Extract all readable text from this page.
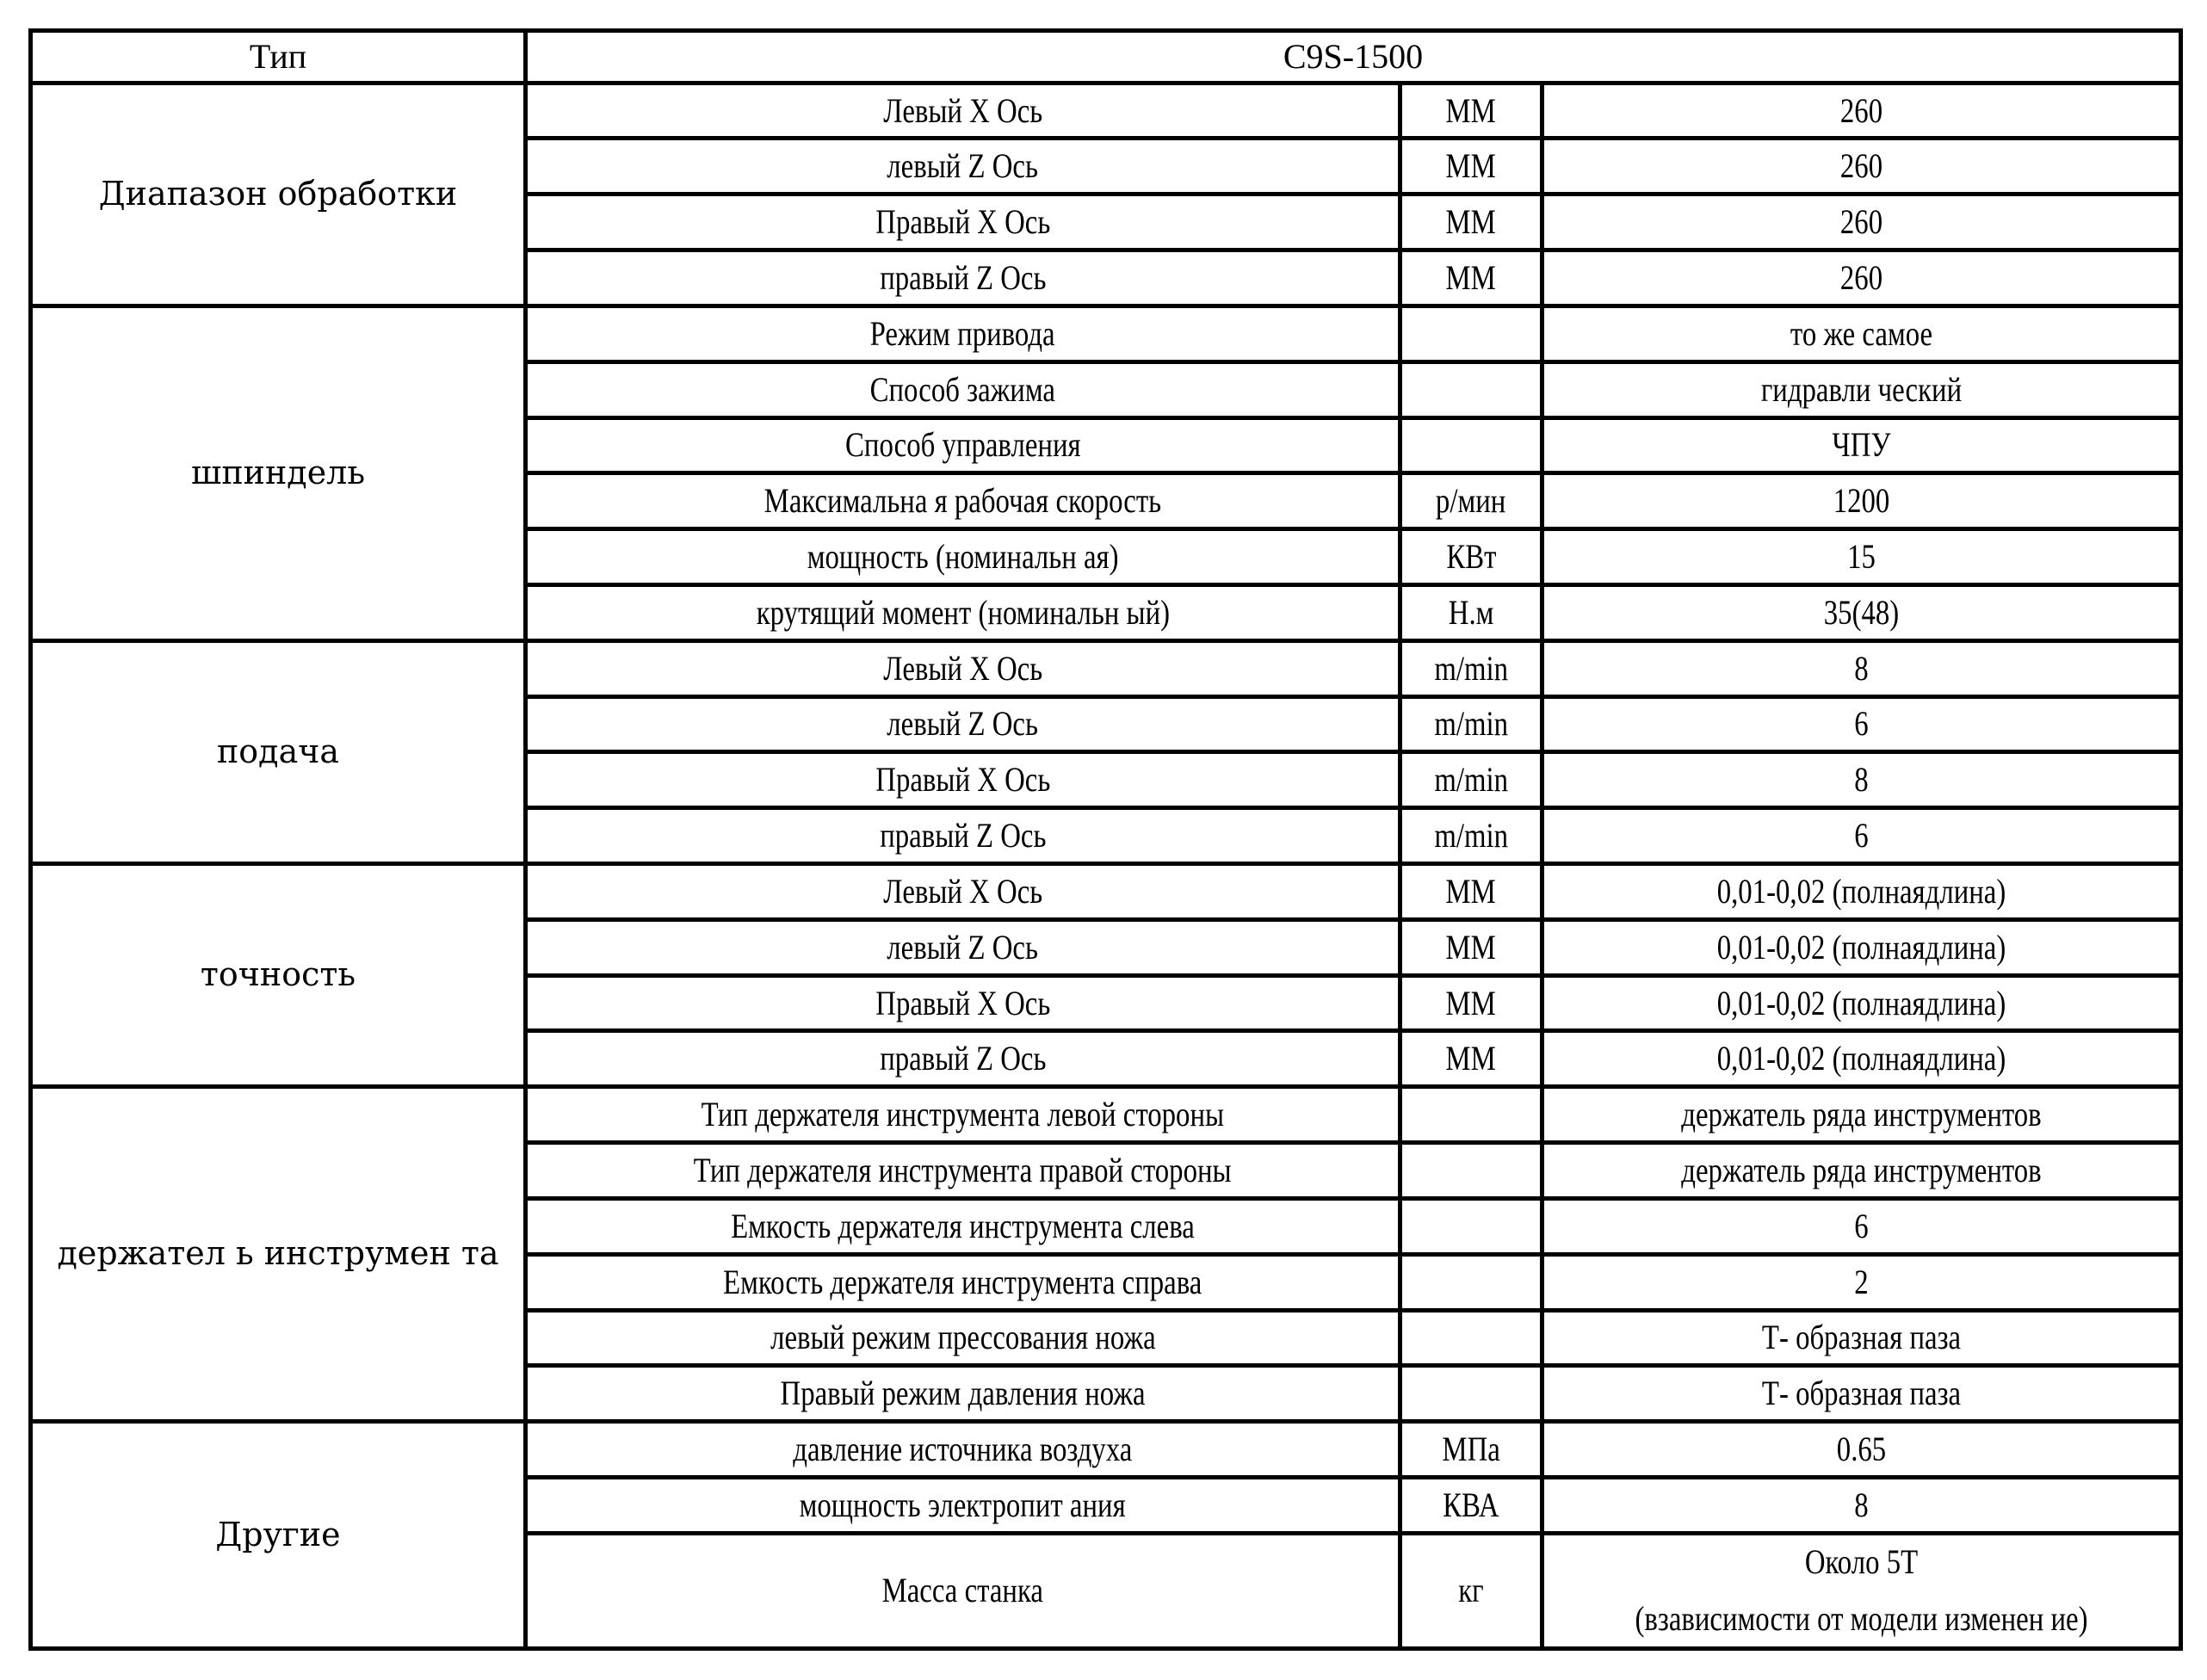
Тип	C9S-1500		
Диапазон обработки	Левый X Ось	ММ	260

	левый Z Ось	ММ	260

	Правый X Ось	ММ	260

	правый Z Ось	ММ	260

шпиндель	Режим привода		то же самое

	Способ зажима		гидравли ческий

	Способ управления		ЧПУ

	Максимальна я рабочая скорость	р/мин	1200

	мощность (номинальн ая)	КВт	15

	крутящий момент (номинальн ый)	Н.м	35(48)

подача	Левый X Ось	m/min	8

	левый Z Ось	m/min	6

	Правый X Ось	m/min	8

	правый Z Ось	m/min	6

точность	Левый X Ось	ММ	0,01-0,02 (полнаядлина)

	левый Z Ось	ММ	0,01-0,02 (полнаядлина)

	Правый X Ось	ММ	0,01-0,02 (полнаядлина)

	правый Z Ось	ММ	0,01-0,02 (полнаядлина)

держател ь инструмен та	Тип держателя инструмента левой стороны		держатель ряда инструментов

	Тип держателя инструмента правой стороны		держатель ряда инструментов

	Емкость держателя инструмента слева		6

	Емкость держателя инструмента справа		2

	левый режим прессования ножа		Т- образная паза

	Правый режим давления ножа		Т- образная паза

Другие	давление источника воздуха	МПа	0.65

	мощность электропит ания	КВА	8

	Масса станка	кг	Около 5Т
(взависимости от модели изменен ие)
